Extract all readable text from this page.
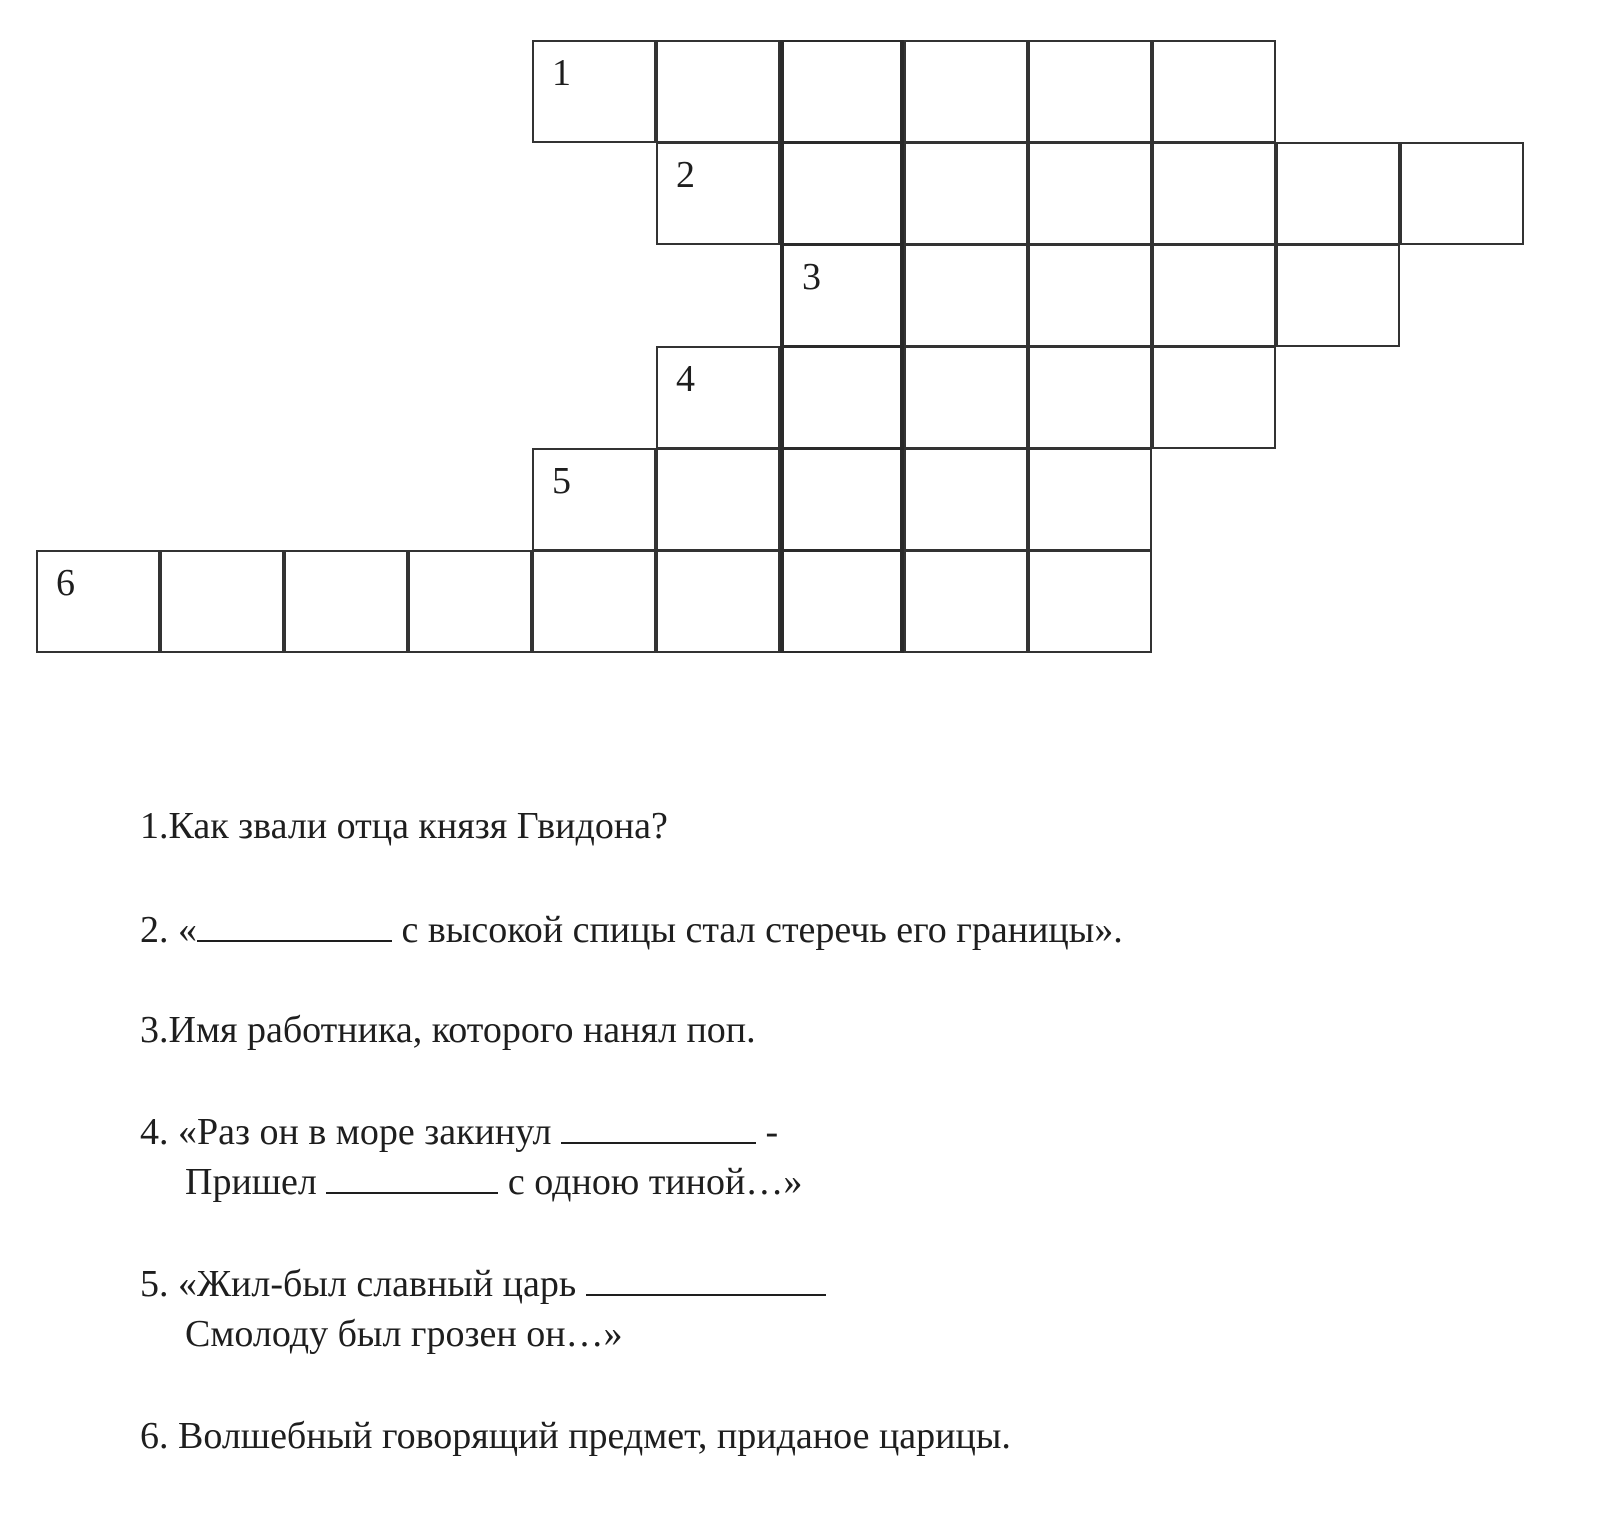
1
2
3
4
5
6
1.Как звали отца князя Гвидона?
2. «	с высокой спицы стал стеречь его границы».
3.Имя работника, которого нанял поп.
4. «Раз он в море закинул	-
Пришел	с одною тиной…»
5. «Жил-был славный царь
Смолоду был грозен он…»
6. Волшебный говорящий предмет, приданое царицы.
